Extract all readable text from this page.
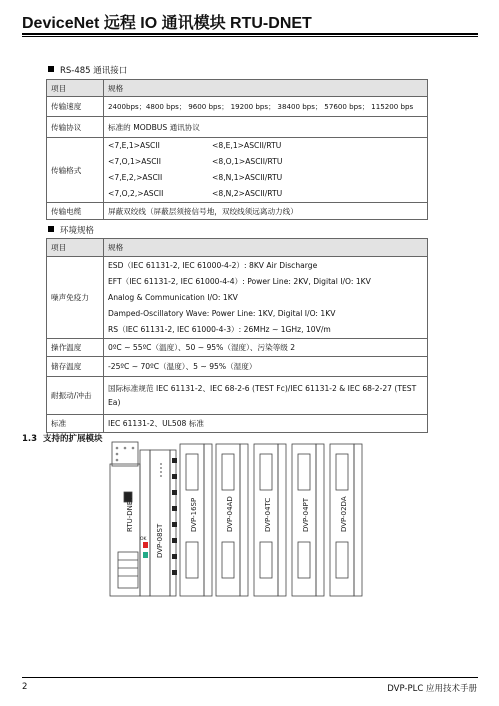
DeviceNet 远程 IO 通讯模块 RTU-DNET
RS-485 通讯接口
项目	规格
传输速度	2400bps；4800 bps； 9600 bps； 19200 bps； 38400 bps； 57600 bps； 115200 bps
传输协议	标准的 MODBUS 通讯协议
传输格式	<7,E,1>ASCII <8,E,1>ASCII/RTU
<7,O,1>ASCII <8,O,1>ASCII/RTU
<7,E,2,>ASCII <8,N,1>ASCII/RTU
<7,O,2,>ASCII <8,N,2>ASCII/RTU

传输电缆	屏蔽双绞线（屏蔽层须接信号地，双绞线须远离动力线）
环境规格
项目	规格
噪声免疫力	ESD（IEC 61131-2, IEC 61000-4-2）: 8KV Air Discharge
EFT（IEC 61131-2, IEC 61000-4-4）: Power Line: 2KV, Digital I/O: 1KV
Analog & Communication I/O: 1KV
Damped-Oscillatory Wave: Power Line: 1KV, Digital I/O: 1KV
RS（IEC 61131-2, IEC 61000-4-3）: 26MHz ~ 1GHz, 10V/m

操作温度	0ºC ~ 55ºC（温度）、50 ~ 95%（湿度）、污染等级 2
储存温度	-25ºC ~ 70ºC（温度）、5 ~ 95%（湿度）
耐振动/冲击	国际标准规范 IEC 61131-2、IEC 68-2-6 (TEST Fc)/IEC 61131-2 & IEC 68-2-27 (TEST Ea)
标准	IEC 61131-2、UL508 标准
1.3 支持的扩展模块
RTU-DNET
DVP-08ST
DVP-16SP	DVP-04AD	DVP-04TC	DVP-04PT	DVP-02DA
OK
2	DVP-PLC 应用技术手册
